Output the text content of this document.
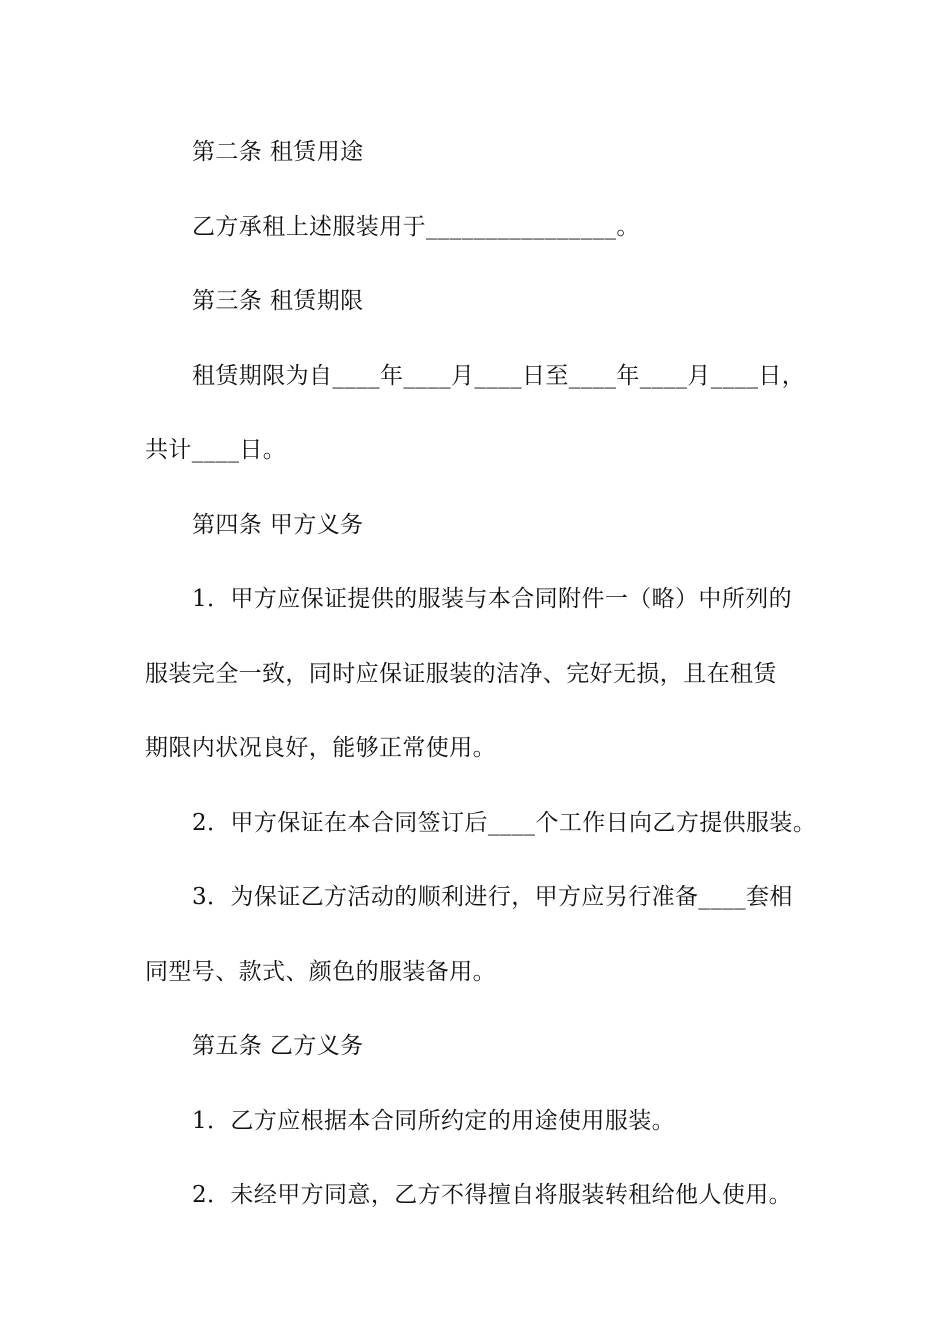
第二条 租赁用途
乙方承租上述服装用于________________。
第三条 租赁期限
租赁期限为自____年____月____日至____年____月____日，
共计____日。
第四条 甲方义务
1．甲方应保证提供的服装与本合同附件一（略）中所列的
服装完全一致，同时应保证服装的洁净、完好无损，且在租赁
期限内状况良好，能够正常使用。
2．甲方保证在本合同签订后____个工作日向乙方提供服装。
3．为保证乙方活动的顺利进行，甲方应另行准备____套相
同型号、款式、颜色的服装备用。
第五条 乙方义务
1．乙方应根据本合同所约定的用途使用服装。
2．未经甲方同意，乙方不得擅自将服装转租给他人使用。
